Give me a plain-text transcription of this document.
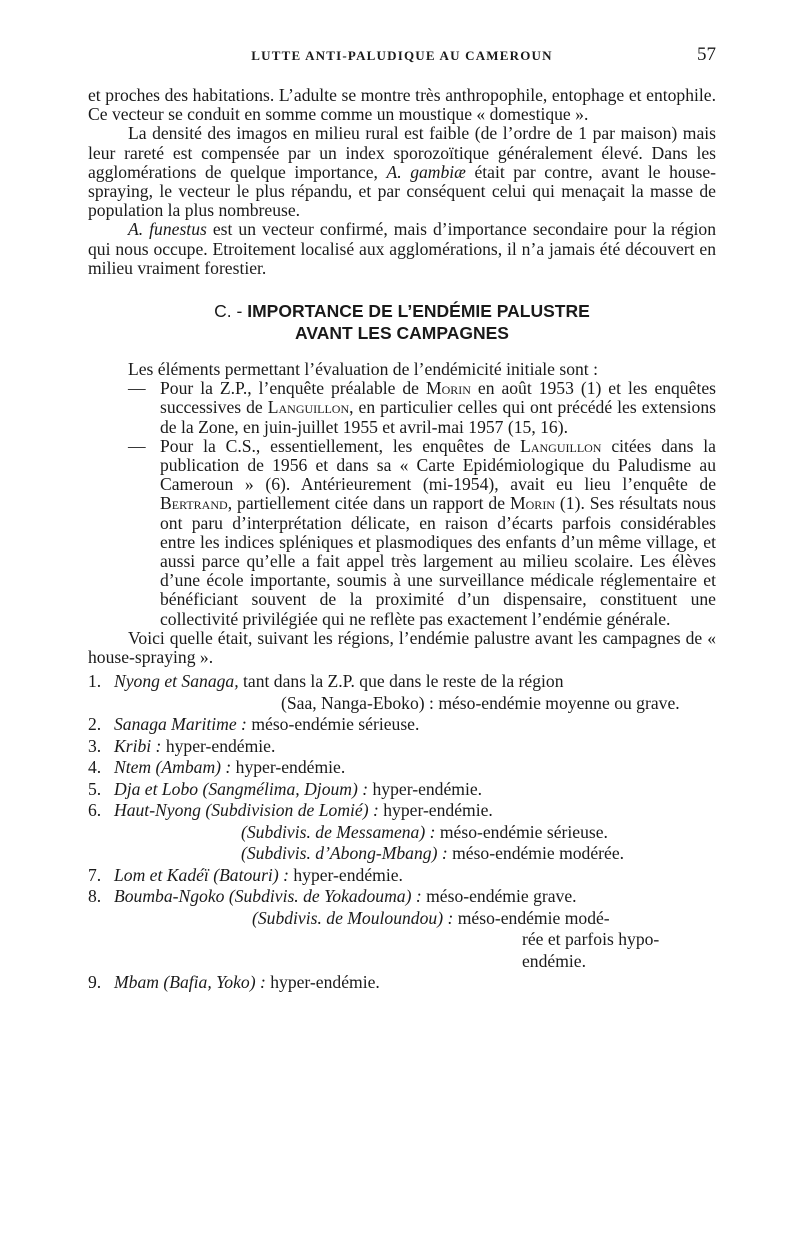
LUTTE ANTI-PALUDIQUE AU CAMEROUN	57

et proches des habitations. L’adulte se montre très anthropophile, entophage et entophile. Ce vecteur se conduit en somme comme un moustique « domestique ».

La densité des imagos en milieu rural est faible (de l’ordre de 1 par maison) mais leur rareté est compensée par un index sporozoïtique généralement élevé. Dans les agglomérations de quelque importance, A. gambiæ était par contre, avant le house-spraying, le vecteur le plus répandu, et par conséquent celui qui menaçait la masse de population la plus nombreuse.

A. funestus est un vecteur confirmé, mais d’importance secondaire pour la région qui nous occupe. Etroitement localisé aux agglomérations, il n’a jamais été découvert en milieu vraiment forestier.

C. - IMPORTANCE DE L’ENDÉMIE PALUSTRE
AVANT LES CAMPAGNES

Les éléments permettant l’évaluation de l’endémicité initiale sont :

— Pour la Z.P., l’enquête préalable de Morin en août 1953 (1) et les enquêtes successives de Languillon, en particulier celles qui ont précédé les extensions de la Zone, en juin-juillet 1955 et avril-mai 1957 (15, 16).

— Pour la C.S., essentiellement, les enquêtes de Languillon citées dans la publication de 1956 et dans sa « Carte Epidémiologique du Paludisme au Cameroun » (6). Antérieurement (mi-1954), avait eu lieu l’enquête de Bertrand, partiellement citée dans un rapport de Morin (1). Ses résultats nous ont paru d’interprétation délicate, en raison d’écarts parfois considérables entre les indices spléniques et plasmodiques des enfants d’un même village, et aussi parce qu’elle a fait appel très largement au milieu scolaire. Les élèves d’une école importante, soumis à une surveillance médicale réglementaire et bénéficiant souvent de la proximité d’un dispensaire, constituent une collectivité privilégiée qui ne reflète pas exactement l’endémie générale.

Voici quelle était, suivant les régions, l’endémie palustre avant les campagnes de « house-spraying ».

1. Nyong et Sanaga, tant dans la Z.P. que dans le reste de la région
(Saa, Nanga-Eboko) : méso-endémie moyenne ou grave.
2. Sanaga Maritime : méso-endémie sérieuse.
3. Kribi : hyper-endémie.
4. Ntem (Ambam) : hyper-endémie.
5. Dja et Lobo (Sangmélima, Djoum) : hyper-endémie.
6. Haut-Nyong (Subdivision de Lomié) : hyper-endémie.
(Subdivis. de Messamena) : méso-endémie sérieuse.
(Subdivis. d’Abong-Mbang) : méso-endémie modérée.
7. Lom et Kadéï (Batouri) : hyper-endémie.
8. Boumba-Ngoko (Subdivis. de Yokadouma) : méso-endémie grave.
(Subdivis. de Mouloundou) : méso-endémie modé-
rée et parfois hypo-endémie.
9. Mbam (Bafia, Yoko) : hyper-endémie.
